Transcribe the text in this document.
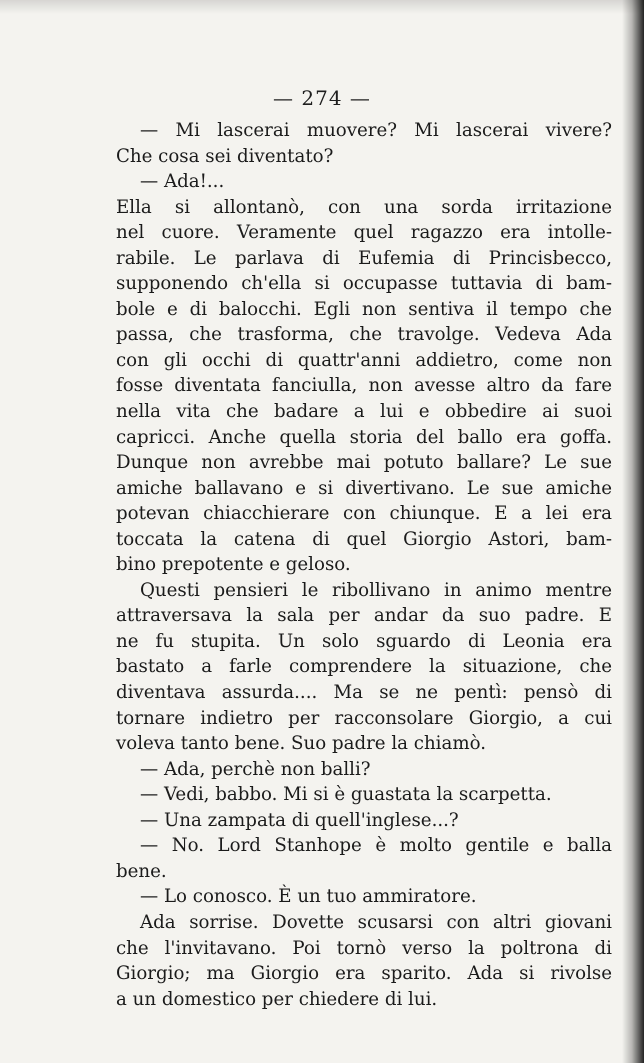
— 274 —
— Mi lascerai muovere? Mi lascerai vivere?
Che cosa sei diventato?
— Ada!...
Ella si allontanò, con una sorda irritazione
nel cuore. Veramente quel ragazzo era intolle-
rabile. Le parlava di Eufemia di Princisbecco,
supponendo ch'ella si occupasse tuttavia di bam-
bole e di balocchi. Egli non sentiva il tempo che
passa, che trasforma, che travolge. Vedeva Ada
con gli occhi di quattr'anni addietro, come non
fosse diventata fanciulla, non avesse altro da fare
nella vita che badare a lui e obbedire ai suoi
capricci. Anche quella storia del ballo era goffa.
Dunque non avrebbe mai potuto ballare? Le sue
amiche ballavano e si divertivano. Le sue amiche
potevan chiacchierare con chiunque. E a lei era
toccata la catena di quel Giorgio Astori, bam-
bino prepotente e geloso.
Questi pensieri le ribollivano in animo mentre
attraversava la sala per andar da suo padre. E
ne fu stupita. Un solo sguardo di Leonia era
bastato a farle comprendere la situazione, che
diventava assurda.... Ma se ne pentì: pensò di
tornare indietro per racconsolare Giorgio, a cui
voleva tanto bene. Suo padre la chiamò.
— Ada, perchè non balli?
— Vedi, babbo. Mi si è guastata la scarpetta.
— Una zampata di quell'inglese...?
— No. Lord Stanhope è molto gentile e balla
bene.
— Lo conosco. È un tuo ammiratore.
Ada sorrise. Dovette scusarsi con altri giovani
che l'invitavano. Poi tornò verso la poltrona di
Giorgio; ma Giorgio era sparito. Ada si rivolse
a un domestico per chiedere di lui.
